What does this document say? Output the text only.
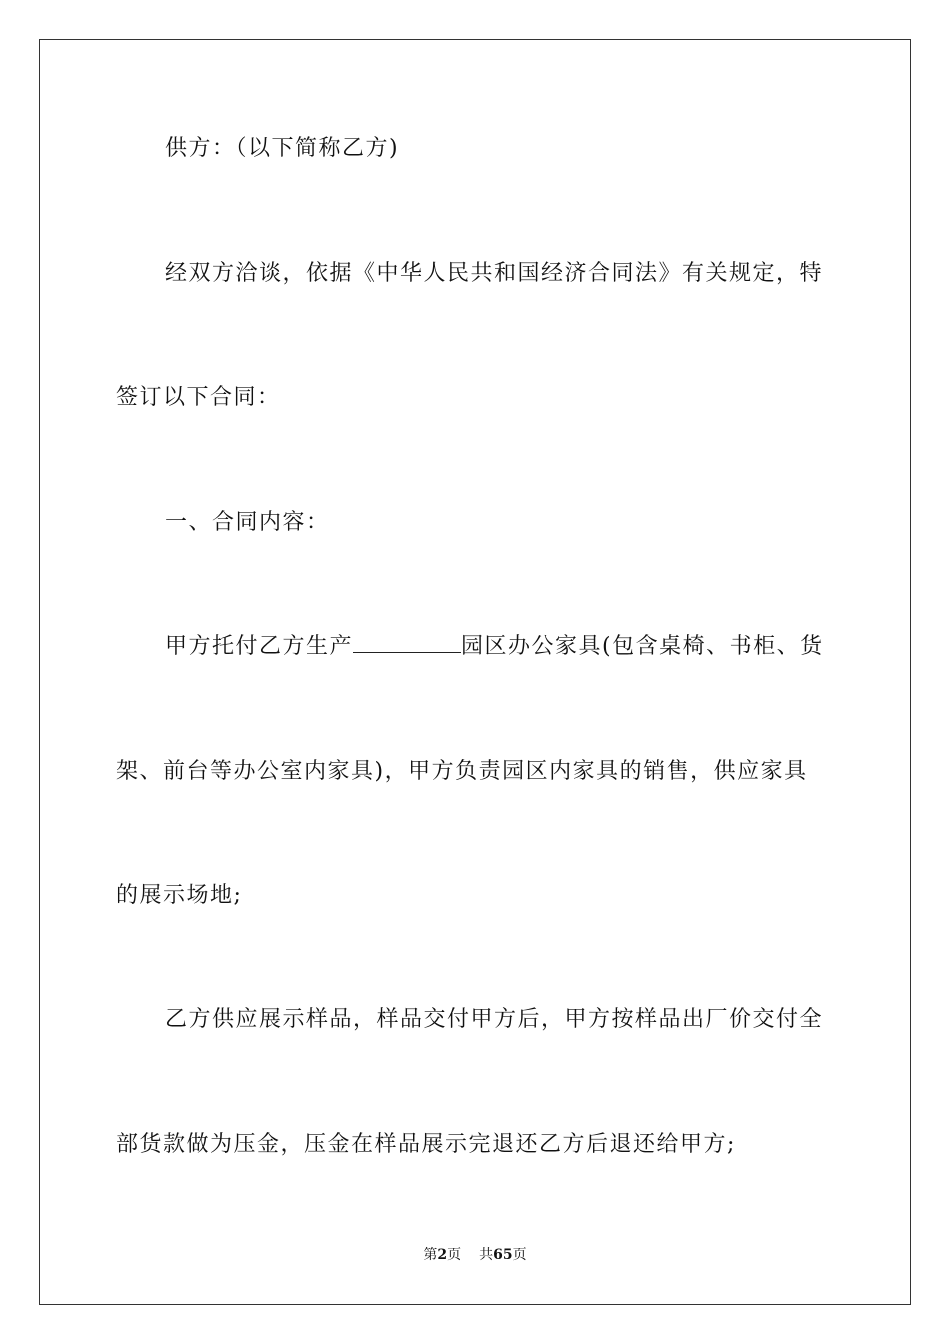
供方：（以下简称乙方)
经双方洽谈，依据《中华人民共和国经济合同法》有关规定，特
签订以下合同：
一、合同内容：
甲方托付乙方生产	园区办公家具(包含桌椅、书柜、货
架、前台等办公室内家具)，甲方负责园区内家具的销售，供应家具
的展示场地;
乙方供应展示样品，样品交付甲方后，甲方按样品出厂价交付全
部货款做为压金，压金在样品展示完退还乙方后退还给甲方;
第2页 共65页
